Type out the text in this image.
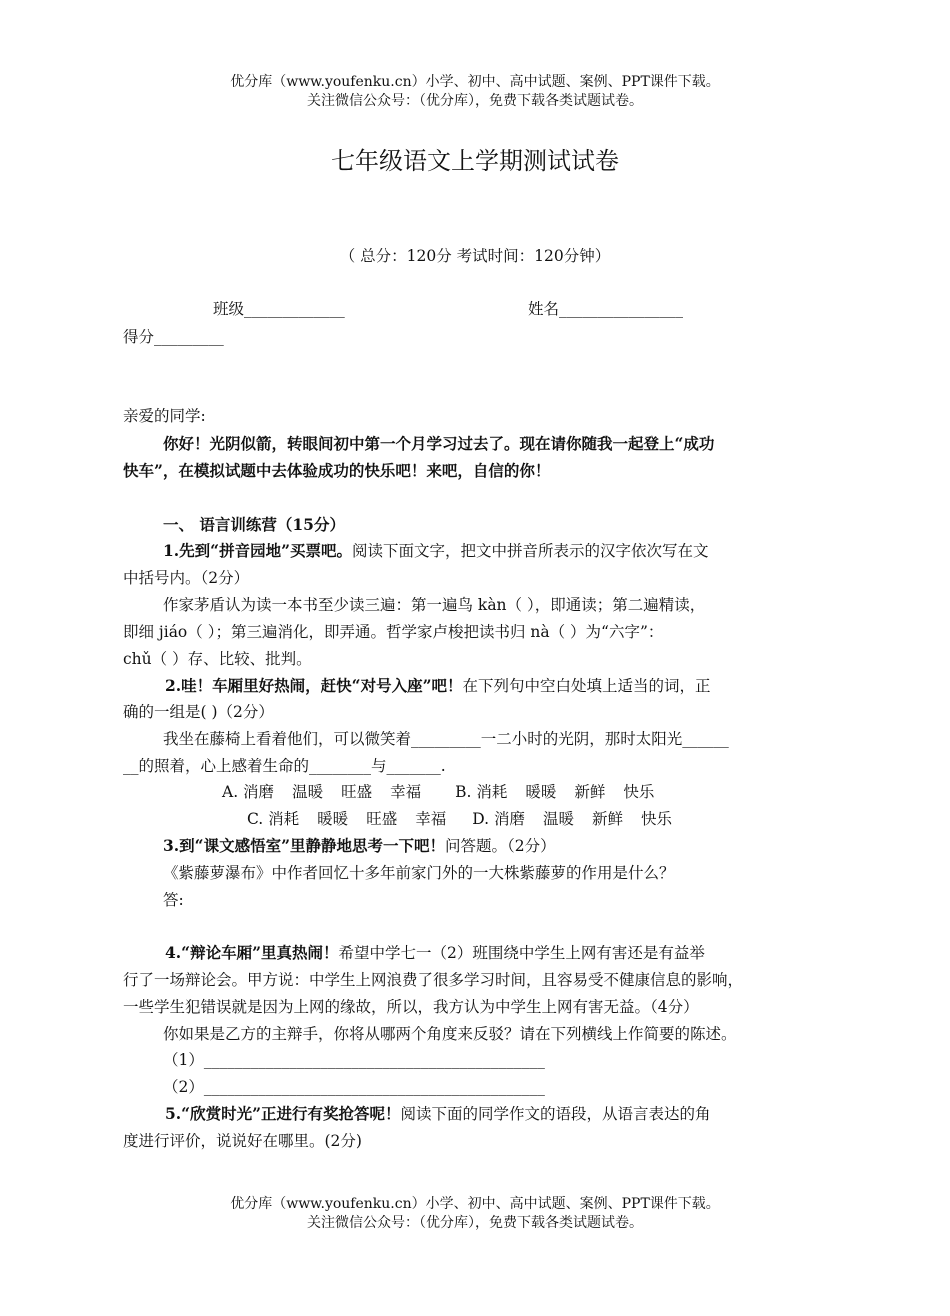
优分库（www.youfenku.cn）小学、初中、高中试题、案例、PPT课件下载。
关注微信公众号：（优分库），免费下载各类试题试卷。
七年级语文上学期测试试卷
（ 总分：120分 考试时间：120分钟）
班级_____________	姓名________________
得分_________
亲爱的同学:
你好！光阴似箭，转眼间初中第一个月学习过去了。现在请你随我一起登上“成功
快车”，在模拟试题中去体验成功的快乐吧！来吧，自信的你！
一、 语言训练营（15分）
1.先到“拼音园地”买票吧。阅读下面文字，把文中拼音所表示的汉字依次写在文
中括号内。（2分）
作家茅盾认为读一本书至少读三遍：第一遍鸟 kàn（ ），即通读；第二遍精读，
即细 jiáo（ ）；第三遍消化，即弄通。哲学家卢梭把读书归 nà（ ）为“六字”：
chǔ（ ）存、比较、批判。
2.哇！车厢里好热闹，赶快“对号入座”吧！在下列句中空白处填上适当的词，正
确的一组是( )（2分）
我坐在藤椅上看着他们，可以微笑着_________一二小时的光阴，那时太阳光______
__的照着，心上感着生命的________与_______.
A. 消磨 温暖 旺盛 幸福 B. 消耗 暖暖 新鲜 快乐
C. 消耗 暖暖 旺盛 幸福 D. 消磨 温暖 新鲜 快乐
3.到“课文感悟室”里静静地思考一下吧！问答题。（2分）
《紫藤萝瀑布》中作者回忆十多年前家门外的一大株紫藤萝的作用是什么？
答:
4.“辩论车厢”里真热闹！希望中学七一（2）班围绕中学生上网有害还是有益举
行了一场辩论会。甲方说：中学生上网浪费了很多学习时间，且容易受不健康信息的影响，
一些学生犯错误就是因为上网的缘故，所以，我方认为中学生上网有害无益。（4分）
你如果是乙方的主辩手，你将从哪两个角度来反驳？请在下列横线上作简要的陈述。
（1）____________________________________________
（2）____________________________________________
5.“欣赏时光”正进行有奖抢答呢！阅读下面的同学作文的语段，从语言表达的角
度进行评价，说说好在哪里。(2分)
优分库（www.youfenku.cn）小学、初中、高中试题、案例、PPT课件下载。
关注微信公众号：（优分库），免费下载各类试题试卷。
